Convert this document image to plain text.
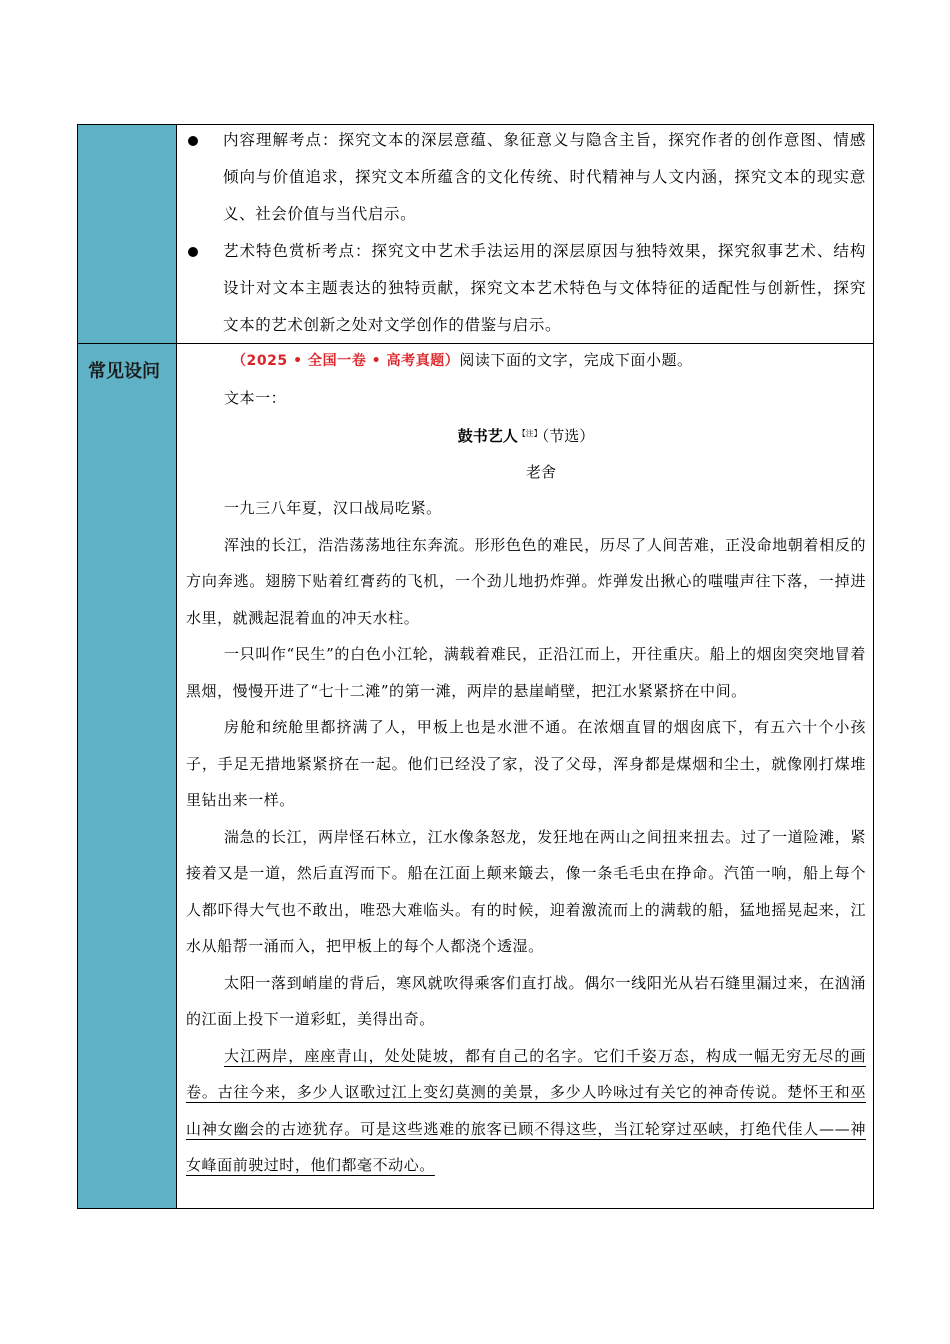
常见设问
内容理解考点：探究文本的深层意蕴、象征意义与隐含主旨，探究作者的创作意图、情感倾向与价值追求，探究文本所蕴含的文化传统、时代精神与人文内涵，探究文本的现实意义、社会价值与当代启示。
艺术特色赏析考点：探究文中艺术手法运用的深层原因与独特效果，探究叙事艺术、结构设计对文本主题表达的独特贡献，探究文本艺术特色与文体特征的适配性与创新性，探究文本的艺术创新之处对文学创作的借鉴与启示。

（2025 • 全国一卷 • 高考真题）阅读下面的文字，完成下面小题。

文本一：

鼓书艺人$^{【注】}$（节选）

老舍

一九三八年夏，汉口战局吃紧。

浑浊的长江，浩浩荡荡地往东奔流。形形色色的难民，历尽了人间苦难，正没命地朝着相反的方向奔逃。翅膀下贴着红膏药的飞机，一个劲儿地扔炸弹。炸弹发出揪心的嗤嗤声往下落，一掉进水里，就溅起混着血的冲天水柱。

一只叫作“民生”的白色小江轮，满载着难民，正沿江而上，开往重庆。船上的烟囱突突地冒着黑烟，慢慢开进了“七十二滩”的第一滩，两岸的悬崖峭壁，把江水紧紧挤在中间。

房舱和统舱里都挤满了人，甲板上也是水泄不通。在浓烟直冒的烟囱底下，有五六十个小孩子，手足无措地紧紧挤在一起。他们已经没了家，没了父母，浑身都是煤烟和尘土，就像刚打煤堆里钻出来一样。

湍急的长江，两岸怪石林立，江水像条怒龙，发狂地在两山之间扭来扭去。过了一道险滩，紧接着又是一道，然后直泻而下。船在江面上颠来簸去，像一条毛毛虫在挣命。汽笛一响，船上每个人都吓得大气也不敢出，唯恐大难临头。有的时候，迎着激流而上的满载的船，猛地摇晃起来，江水从船帮一涌而入，把甲板上的每个人都浇个透湿。

太阳一落到峭崖的背后，寒风就吹得乘客们直打战。偶尔一线阳光从岩石缝里漏过来，在汹涌的江面上投下一道彩虹，美得出奇。

大江两岸，座座青山，处处陡坡，都有自己的名字。它们千姿万态，构成一幅无穷无尽的画卷。古往今来，多少人讴歌过江上变幻莫测的美景，多少人吟咏过有关它的神奇传说。楚怀王和巫山神女幽会的古迹犹存。可是这些逃难的旅客已顾不得这些，当江轮穿过巫峡，打绝代佳人——神女峰面前驶过时，他们都毫不动心。
